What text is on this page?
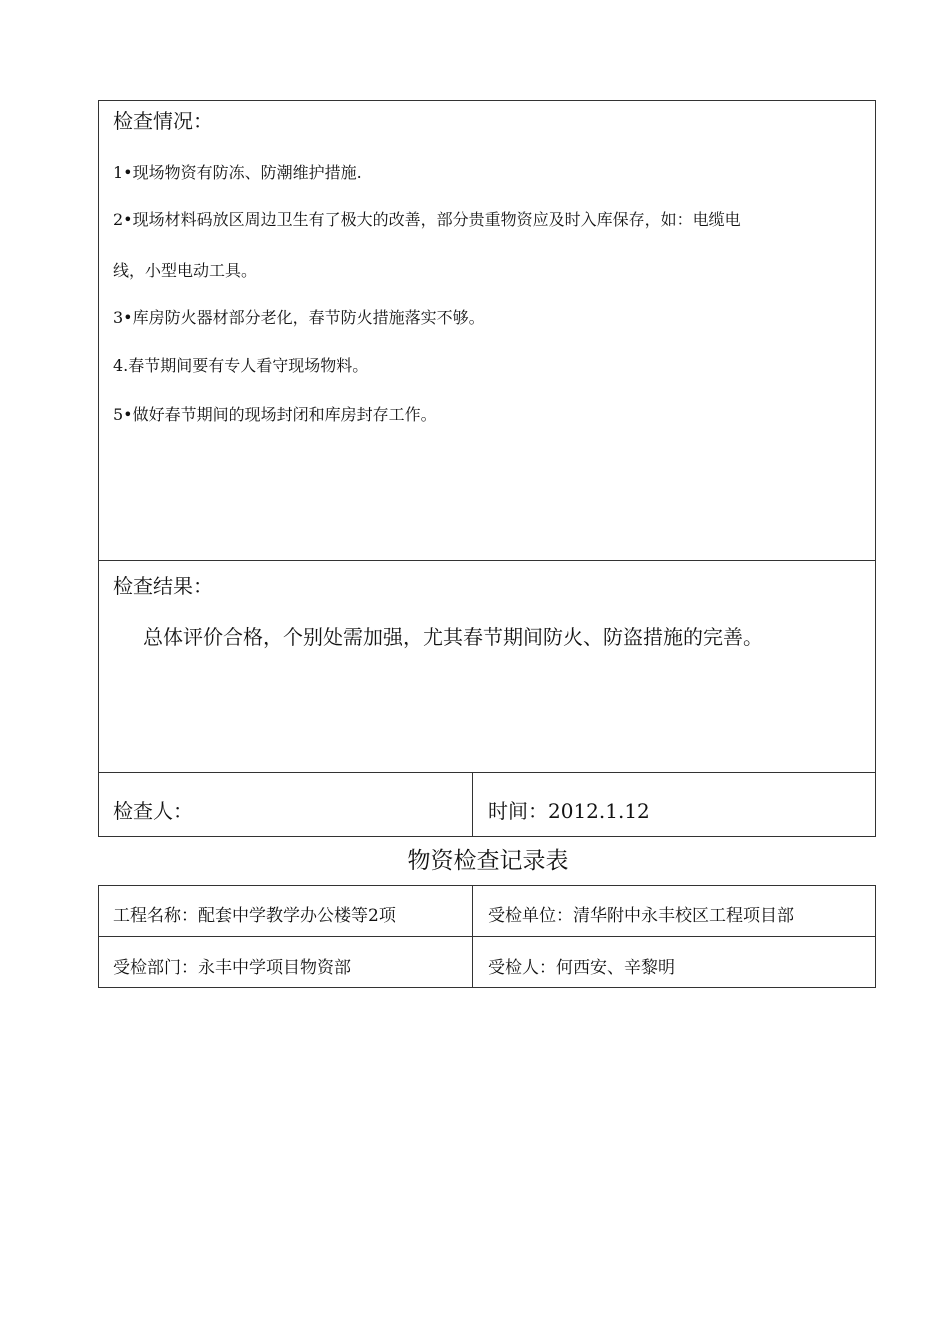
检查情况：
1•现场物资有防冻、防潮维护措施.
2•现场材料码放区周边卫生有了极大的改善，部分贵重物资应及时入库保存，如：电缆电
线，小型电动工具。
3•库房防火器材部分老化，春节防火措施落实不够。
4.春节期间要有专人看守现场物料。
5•做好春节期间的现场封闭和库房封存工作。
检查结果：
总体评价合格，个别处需加强，尤其春节期间防火、防盗措施的完善。
检查人：	时间：2012.1.12
物资检查记录表
工程名称：配套中学教学办公楼等2项	受检单位：清华附中永丰校区工程项目部
受检部门：永丰中学项目物资部	受检人：何西安、辛黎明
